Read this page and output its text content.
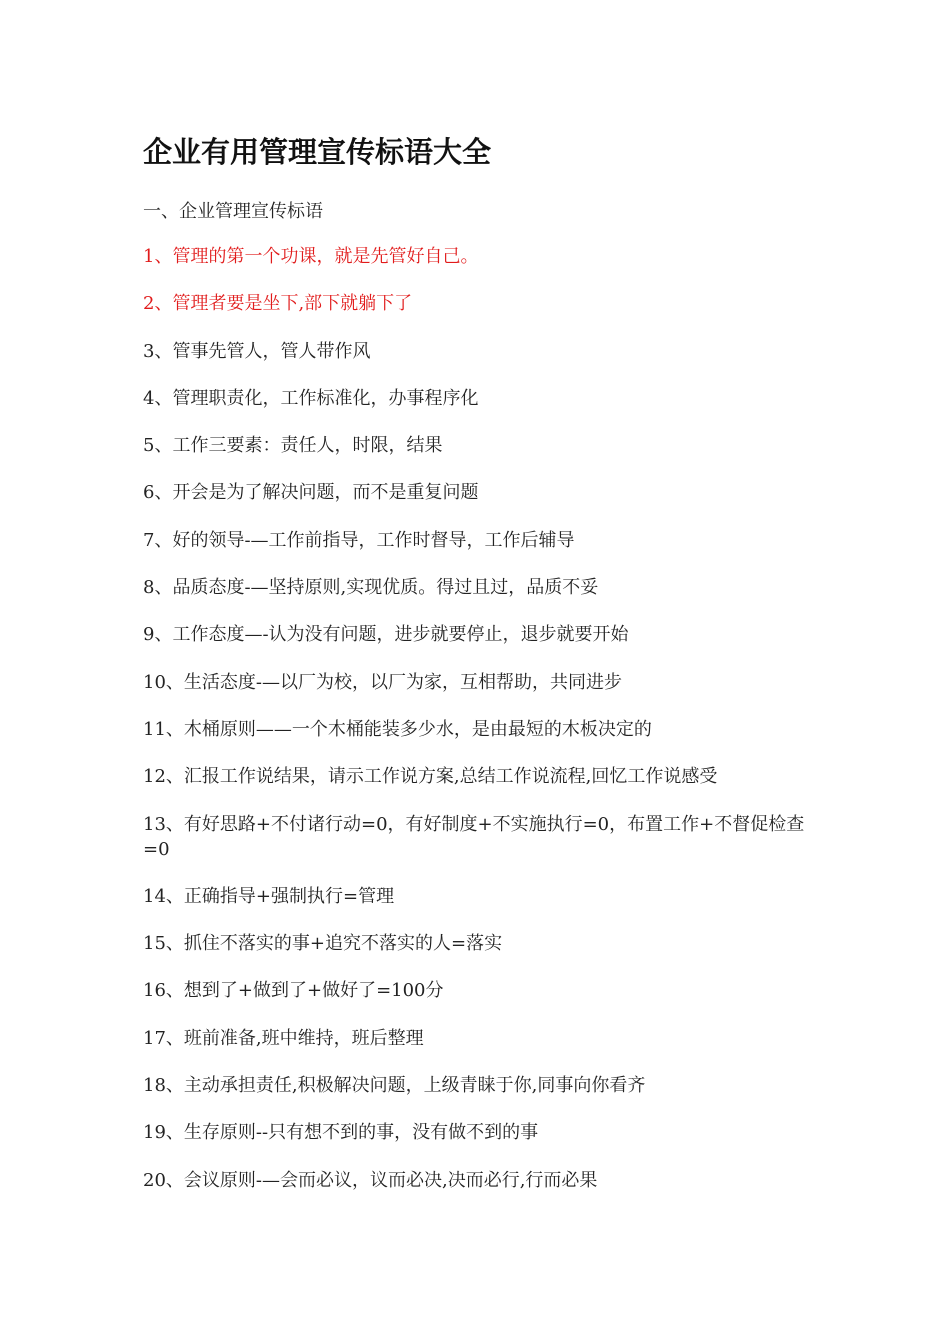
企业有用管理宣传标语大全
一、企业管理宣传标语
1、管理的第一个功课，就是先管好自己。
2、管理者要是坐下,部下就躺下了
3、管事先管人，管人带作风
4、管理职责化，工作标准化，办事程序化
5、工作三要素：责任人，时限，结果
6、开会是为了解决问题，而不是重复问题
7、好的领导-—工作前指导，工作时督导，工作后辅导
8、品质态度-—坚持原则,实现优质。得过且过，品质不妥
9、工作态度—-认为没有问题，进步就要停止，退步就要开始
10、生活态度-—以厂为校，以厂为家，互相帮助，共同进步
11、木桶原则——一个木桶能装多少水，是由最短的木板决定的
12、汇报工作说结果，请示工作说方案,总结工作说流程,回忆工作说感受
13、有好思路+不付诸行动=0，有好制度+不实施执行=0，布置工作+不督促检查=0
14、正确指导+强制执行=管理
15、抓住不落实的事+追究不落实的人=落实
16、想到了+做到了+做好了=100分
17、班前准备,班中维持，班后整理
18、主动承担责任,积极解决问题，上级青睐于你,同事向你看齐
19、生存原则--只有想不到的事，没有做不到的事
20、会议原则-—会而必议，议而必决,决而必行,行而必果
